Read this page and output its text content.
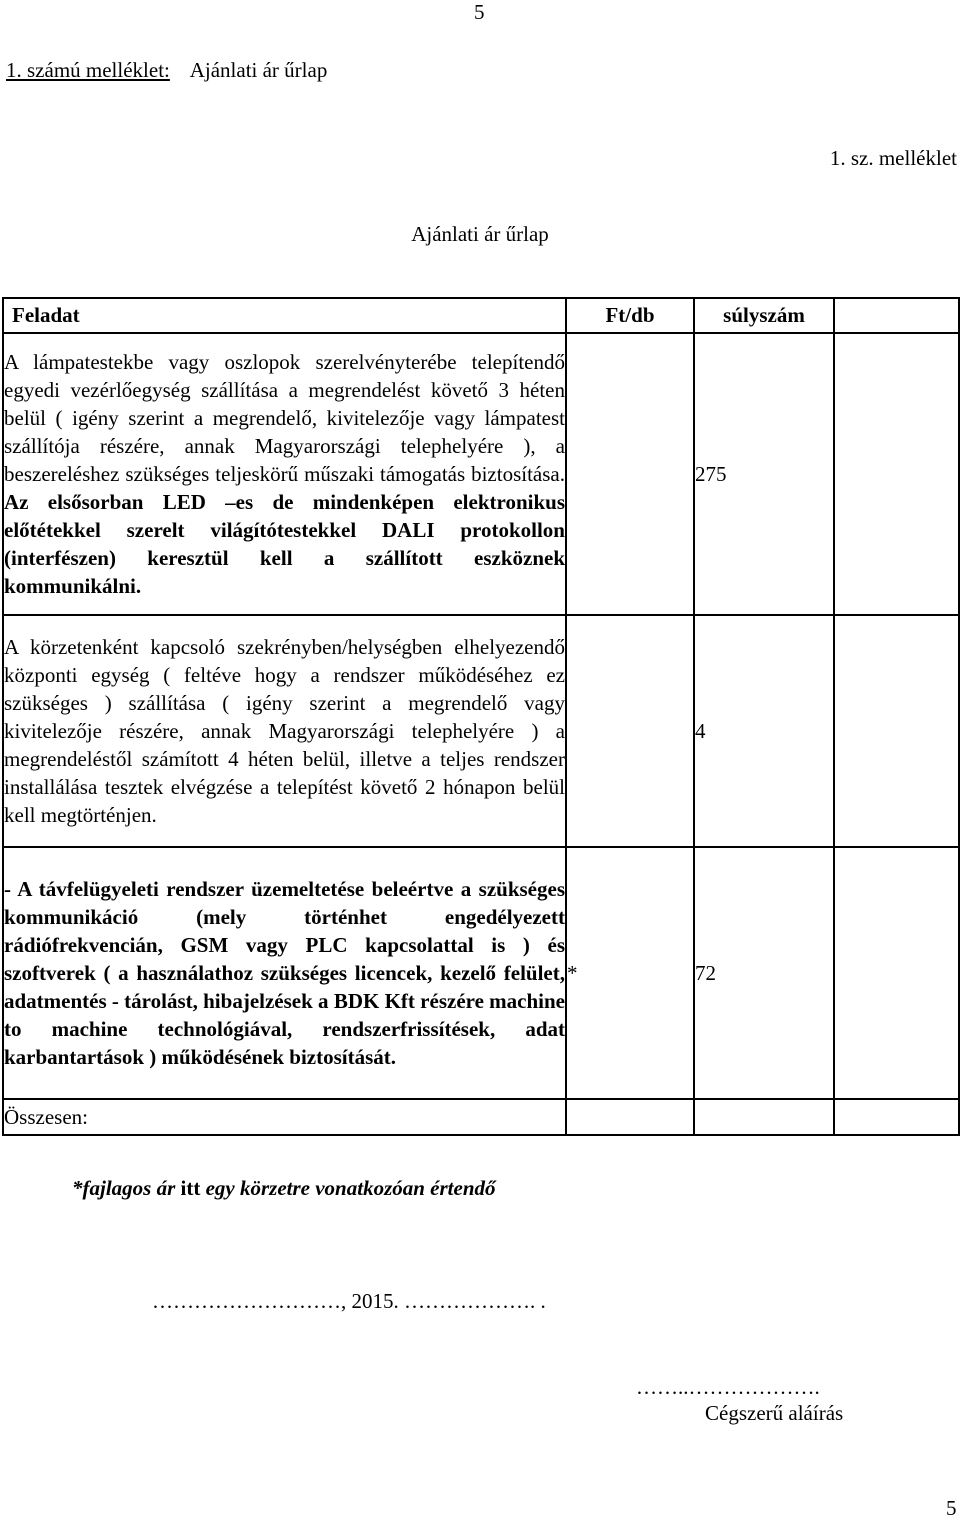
5
1. számú melléklet: Ajánlati ár űrlap
1. sz. melléklet
Ajánlati ár űrlap
Feladat	Ft/db	súlyszám	
A lámpatestekbe vagy oszlopok szerelvényterébe telepítendő egyedi vezérlőegység szállítása a megrendelést követő 3 héten belül ( igény szerint a megrendelő, kivitelezője vagy lámpatest szállítója részére, annak Magyarországi telephelyére ), a beszereléshez szükséges teljeskörű műszaki támogatás biztosítása. Az elsősorban LED –es de mindenképen elektronikus előtétekkel szerelt világítótestekkel DALI protokollon (interfészen) keresztül kell a szállított eszköznek kommunikálni.		275	
A körzetenként kapcsoló szekrényben/helységben elhelyezendő központi egység ( feltéve hogy a rendszer működéséhez ez szükséges ) szállítása ( igény szerint a megrendelő vagy kivitelezője részére, annak Magyarországi telephelyére ) a megrendeléstől számított 4 héten belül, illetve a teljes rendszer installálása tesztek elvégzése a telepítést követő 2 hónapon belül kell megtörténjen.		4	
- A távfelügyeleti rendszer üzemeltetése beleértve a szükséges kommunikáció (mely történhet engedélyezett rádiófrekvencián, GSM vagy PLC kapcsolattal is ) és szoftverek ( a használathoz szükséges licencek, kezelő felület, adatmentés - tárolást, hibajelzések a BDK Kft részére machine to machine technológiával, rendszerfrissítések, adat karbantartások ) működésének biztosítását.	*	72	
Összesen:			
*fajlagos ár itt egy körzetre vonatkozóan értendő
………………………, 2015. ………………. .
……..……………….
Cégszerű aláírás
5
